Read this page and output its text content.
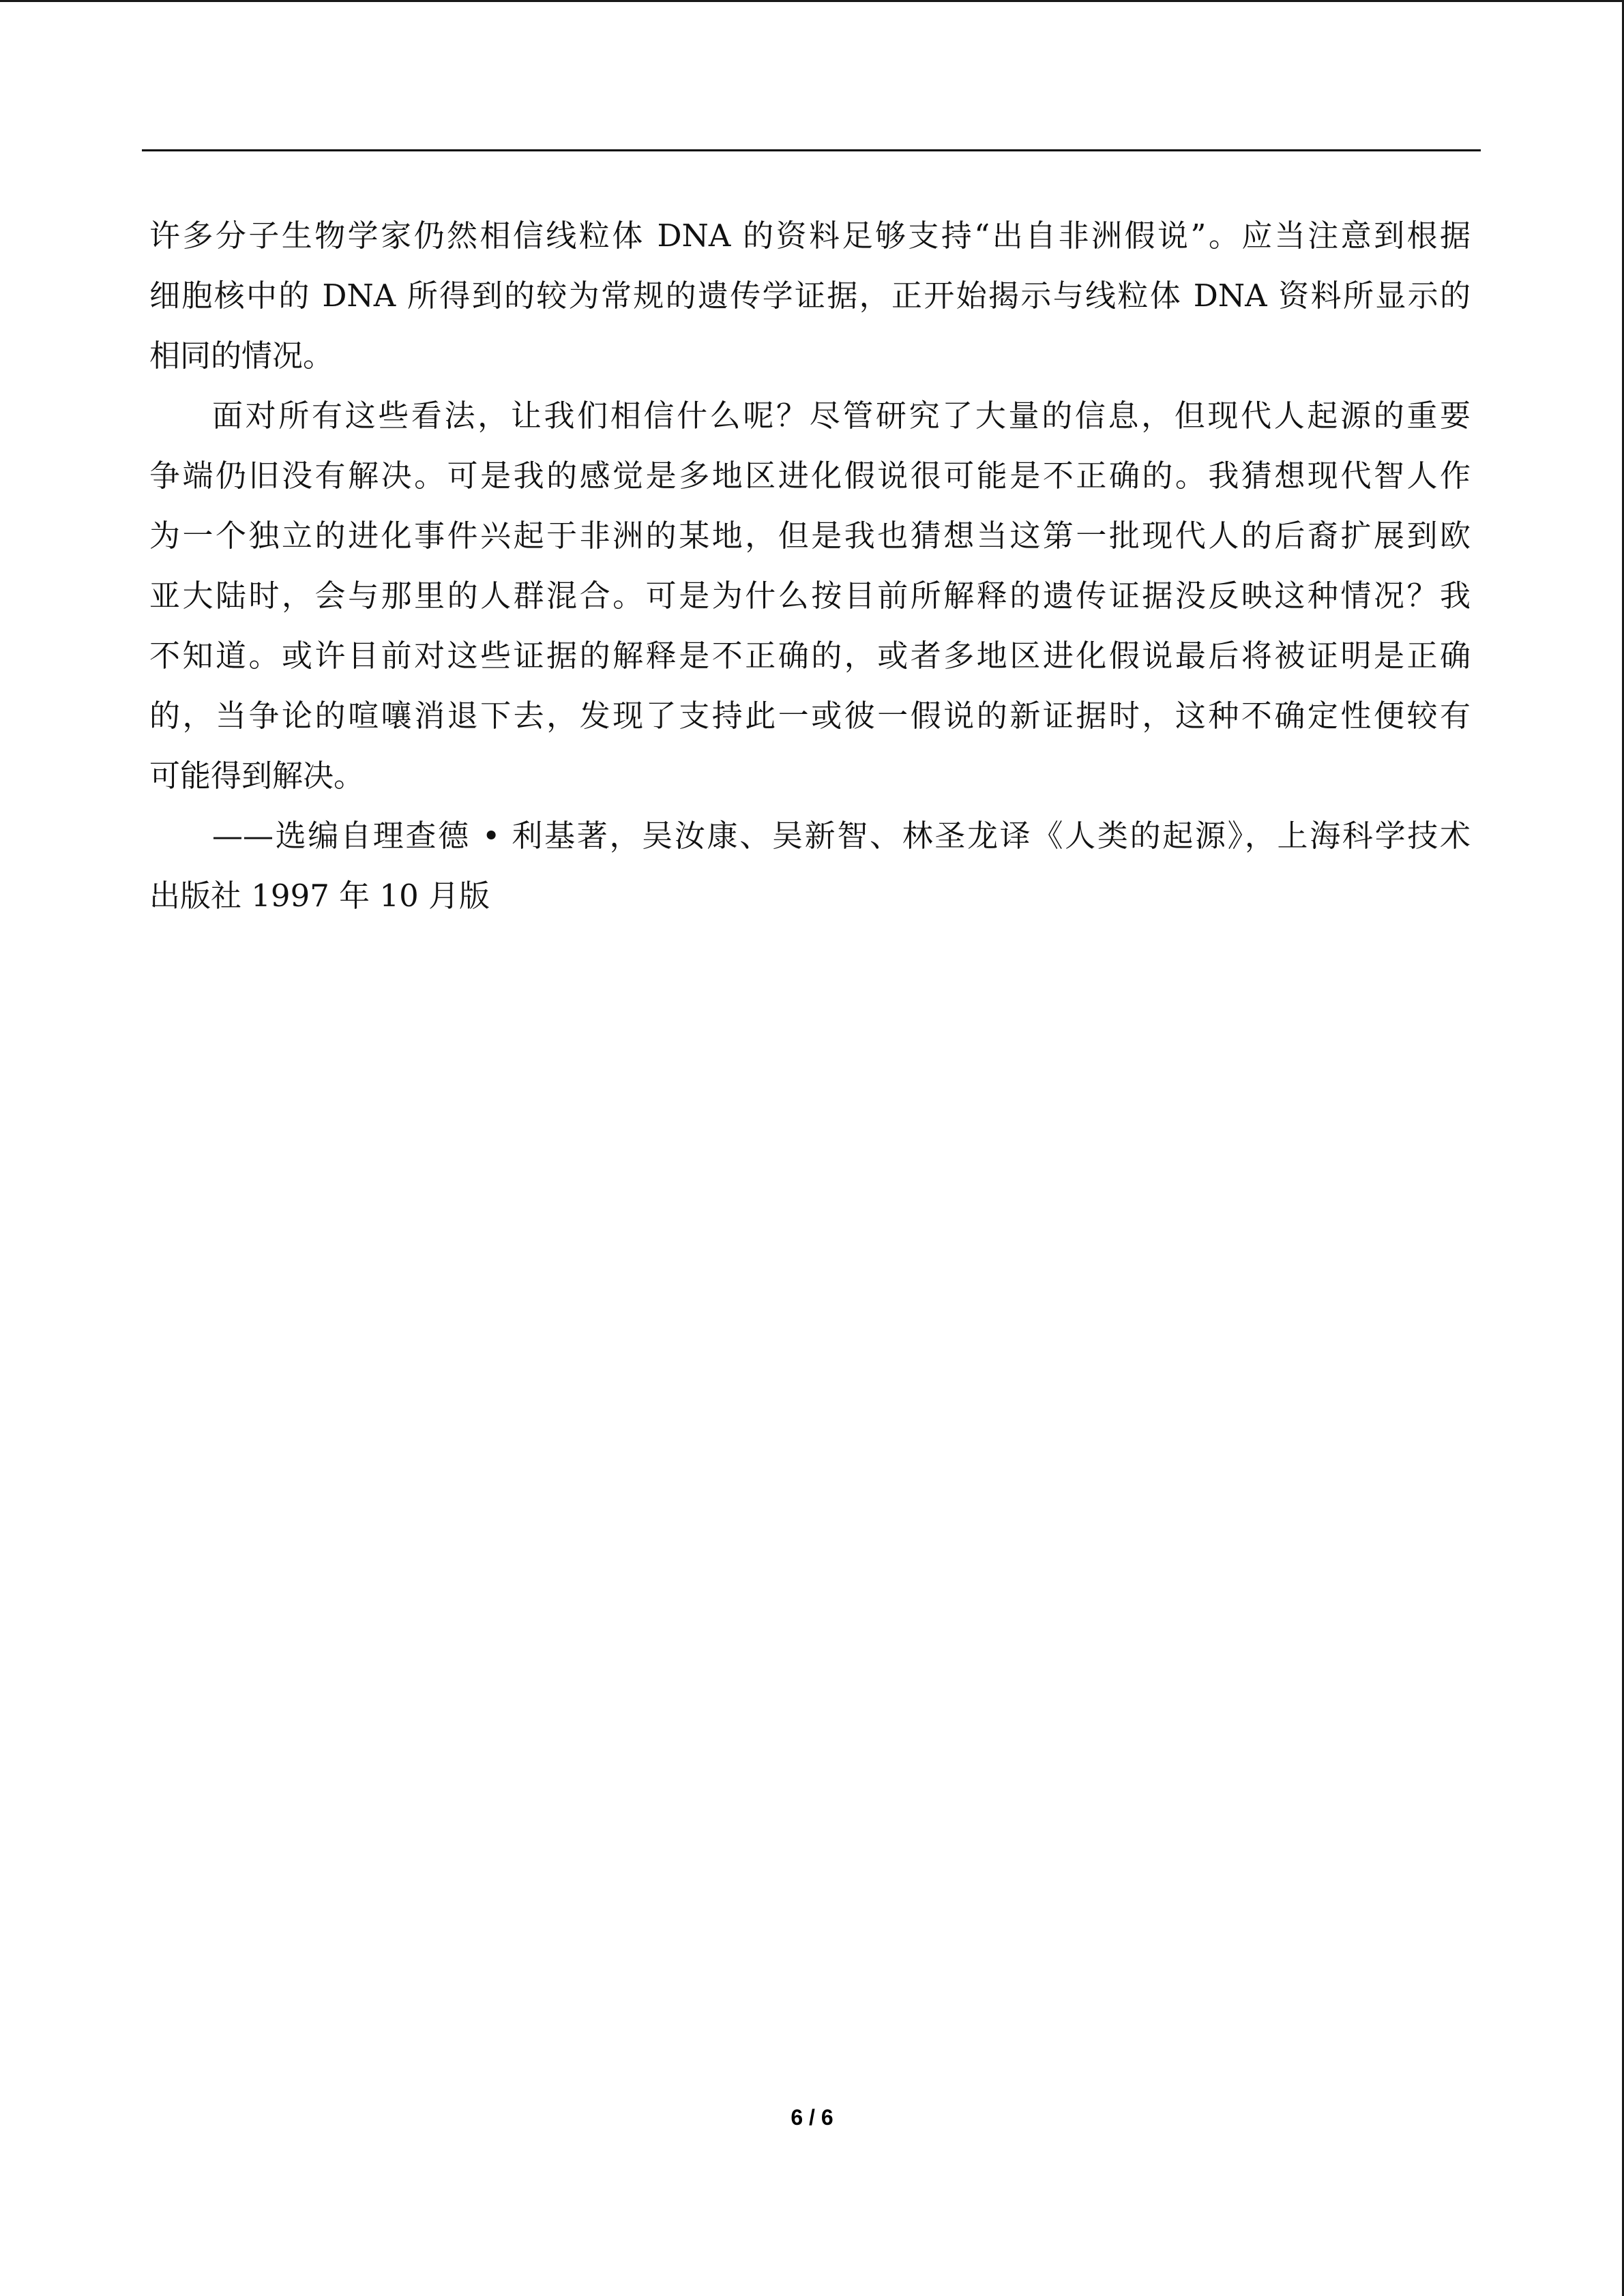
许多分子生物学家仍然相信线粒体 DNA 的资料足够支持“出自非洲假说”。应当注意到根据
细胞核中的 DNA 所得到的较为常规的遗传学证据，正开始揭示与线粒体 DNA 资料所显示的
相同的情况。
面对所有这些看法，让我们相信什么呢？尽管研究了大量的信息，但现代人起源的重要
争端仍旧没有解决。可是我的感觉是多地区进化假说很可能是不正确的。我猜想现代智人作
为一个独立的进化事件兴起于非洲的某地，但是我也猜想当这第一批现代人的后裔扩展到欧
亚大陆时，会与那里的人群混合。可是为什么按目前所解释的遗传证据没反映这种情况？我
不知道。或许目前对这些证据的解释是不正确的，或者多地区进化假说最后将被证明是正确
的，当争论的喧嚷消退下去，发现了支持此一或彼一假说的新证据时，这种不确定性便较有
可能得到解决。
——选编自理查德 • 利基著，吴汝康、吴新智、林圣龙译《人类的起源》，上海科学技术
出版社 1997 年 10 月版
6 / 6
